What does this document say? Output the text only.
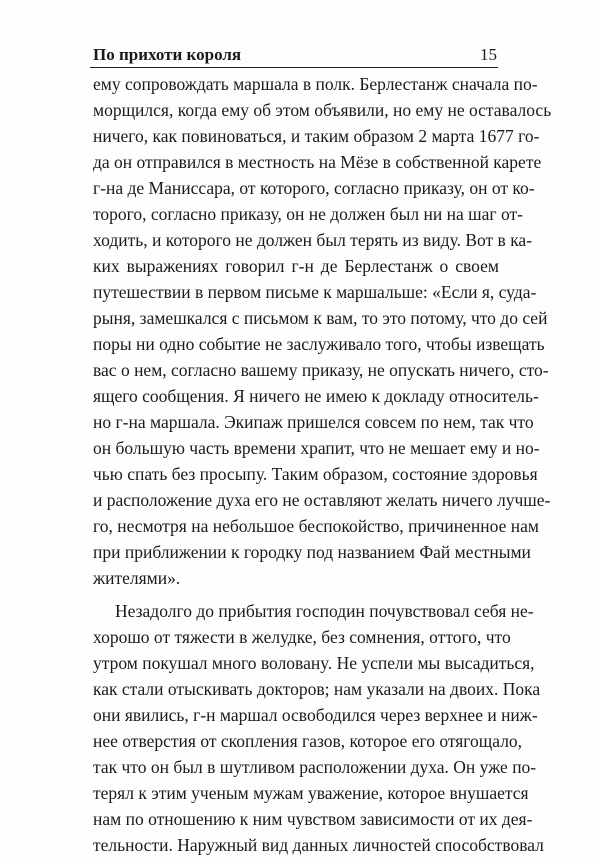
По прихоти короля	15
ему сопровождать маршала в полк. Берлестанж сначала по-
морщился, когда ему об этом объявили, но ему не оставалось
ничего, как повиноваться, и таким образом 2 марта 1677 го-
да он отправился в местность на Мёзе в собственной карете
г-на де Маниссара, от которого, согласно приказу, он от ко-
торого, согласно приказу, он не должен был ни на шаг от-
ходить, и которого не должен был терять из виду. Вот в ка-
ких выражениях говорил г-н де Берлестанж о своем
путешествии в первом письме к маршальше: «Если я, суда-
рыня, замешкался с письмом к вам, то это потому, что до сей
поры ни одно событие не заслуживало того, чтобы извещать
вас о нем, согласно вашему приказу, не опускать ничего, сто-
ящего сообщения. Я ничего не имею к докладу относитель-
но г-на маршала. Экипаж пришелся совсем по нем, так что
он большую часть времени храпит, что не мешает ему и но-
чью спать без просыпу. Таким образом, состояние здоровья
и расположение духа его не оставляют желать ничего лучше-
го, несмотря на небольшое беспокойство, причиненное нам
при приближении к городку под названием Фай местными
жителями».
Незадолго до прибытия господин почувствовал себя не-
хорошо от тяжести в желудке, без сомнения, оттого, что
утром покушал много волованy. Не успели мы высадиться,
как стали отыскивать докторов; нам указали на двоих. Пока
они явились, г-н маршал освободился через верхнее и ниж-
нее отверстия от скопления газов, которое его отягощало,
так что он был в шутливом расположении духа. Он уже по-
терял к этим ученым мужам уважение, которое внушается
нам по отношению к ним чувством зависимости от их дея-
тельности. Наружный вид данных личностей способствовал
